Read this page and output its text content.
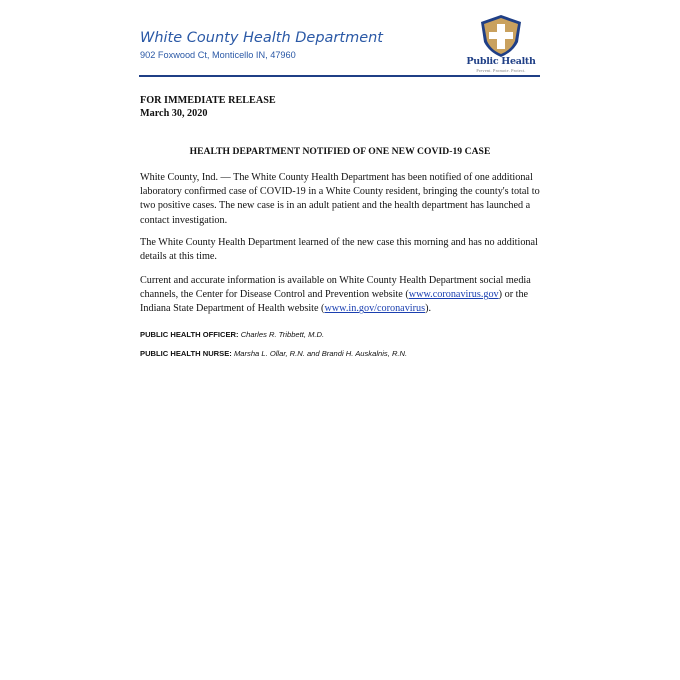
White County Health Department
902 Foxwood Ct, Monticello IN, 47960
Public Health
Prevent. Promote. Protect.
FOR IMMEDIATE RELEASE
March 30, 2020
HEALTH DEPARTMENT NOTIFIED OF ONE NEW COVID-19 CASE
White County, Ind. — The White County Health Department has been notified of one additional laboratory confirmed case of COVID-19 in a White County resident, bringing the county's total to two positive cases. The new case is in an adult patient and the health department has launched a contact investigation.
The White County Health Department learned of the new case this morning and has no additional details at this time.
Current and accurate information is available on White County Health Department social media channels, the Center for Disease Control and Prevention website (www.coronavirus.gov) or the Indiana State Department of Health website (www.in.gov/coronavirus).
PUBLIC HEALTH OFFICER: Charles R. Tribbett, M.D.
PUBLIC HEALTH NURSE: Marsha L. Ollar, R.N. and Brandi H. Auskalnis, R.N.
